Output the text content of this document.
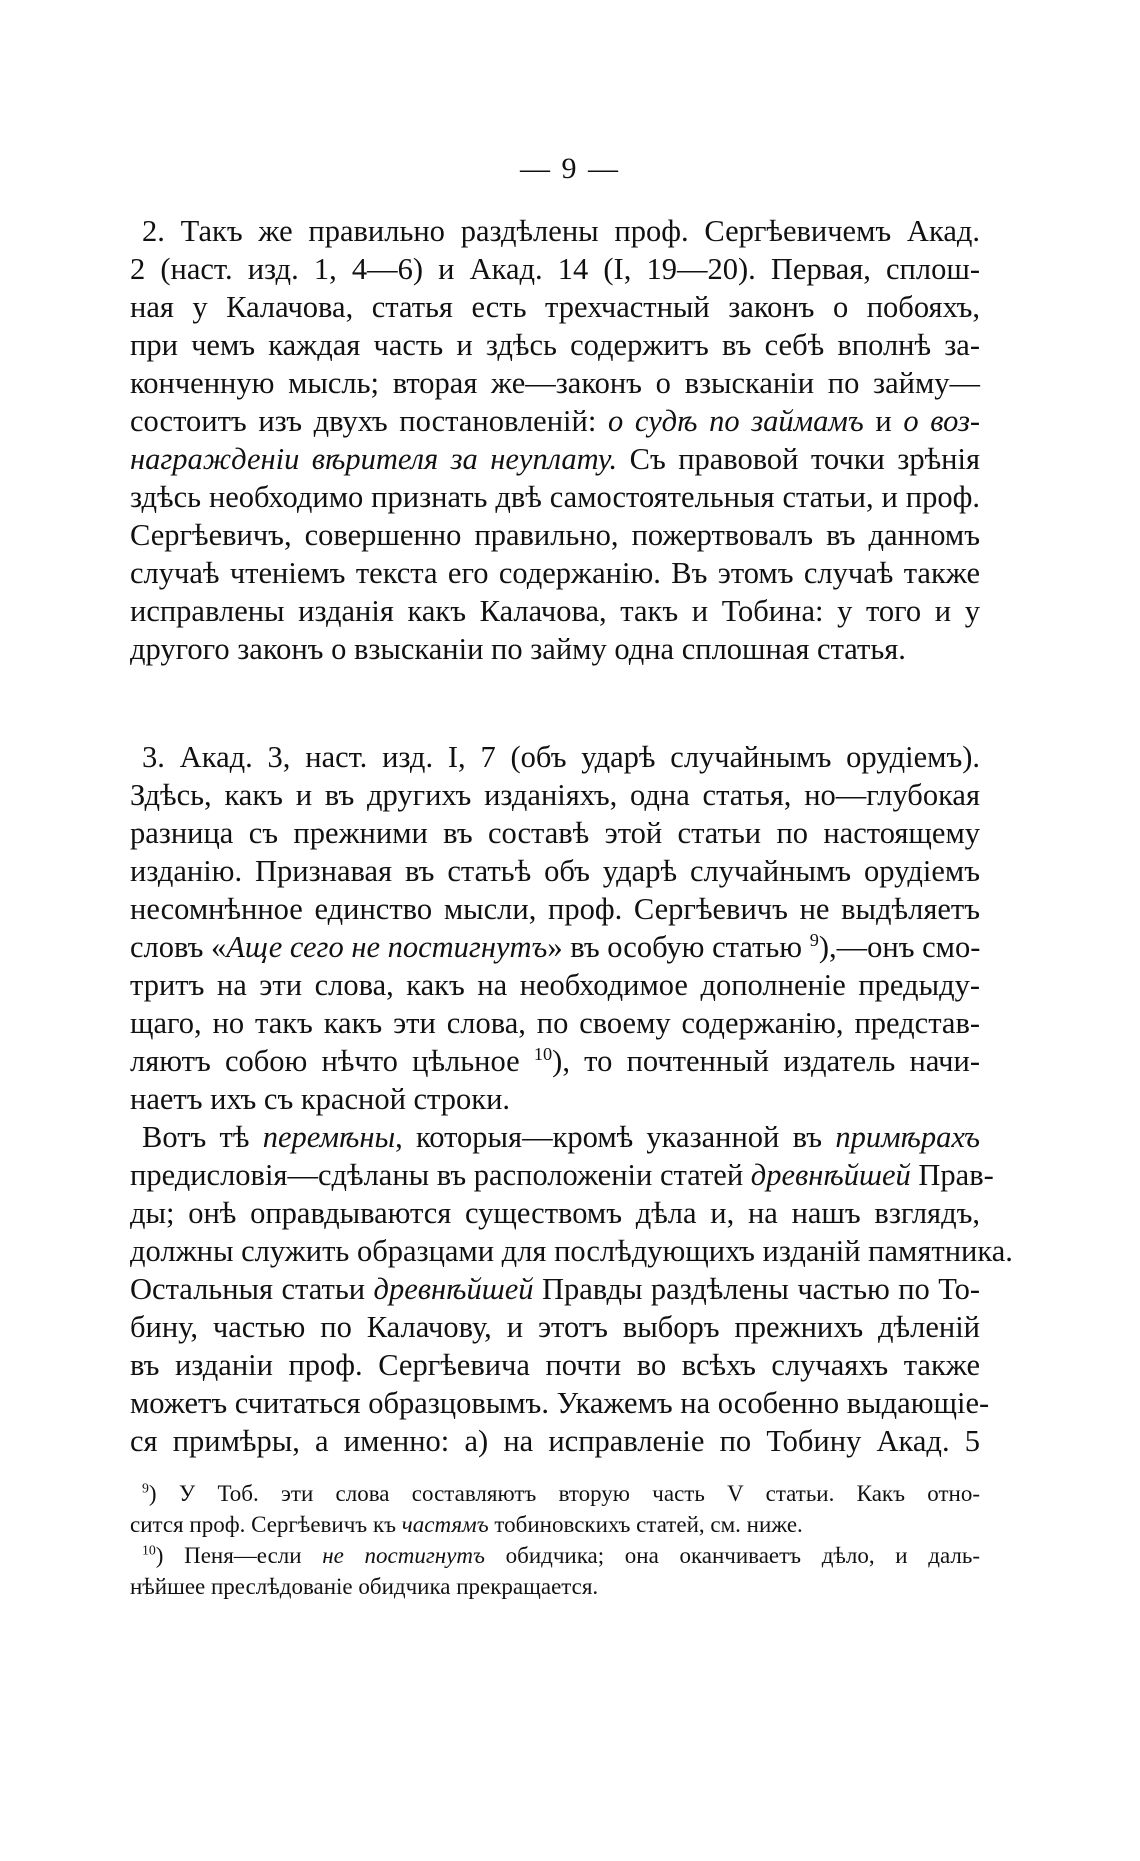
— 9 —
2. Такъ же правильно раздѣлены проф. Сергѣевичемъ Акад.
2 (наст. изд. 1, 4—6) и Акад. 14 (I, 19—20). Первая, сплош-
ная у Калачова, статья есть трехчастный законъ о побояхъ,
при чемъ каждая часть и здѣсь содержитъ въ себѣ вполнѣ за-
конченную мысль; вторая же—законъ о взысканіи по займу—
состоитъ изъ двухъ постановленій: о судѣ по займамъ и о воз-
награжденіи вѣрителя за неуплату. Съ правовой точки зрѣнія
здѣсь необходимо признать двѣ самостоятельныя статьи, и проф.
Сергѣевичъ, совершенно правильно, пожертвовалъ въ данномъ
случаѣ чтеніемъ текста его содержанію. Въ этомъ случаѣ также
исправлены изданія какъ Калачова, такъ и Тобина: у того и у
другого законъ о взысканіи по займу одна сплошная статья.
3. Акад. 3, наст. изд. I, 7 (объ ударѣ случайнымъ орудіемъ).
Здѣсь, какъ и въ другихъ изданіяхъ, одна статья, но—глубокая
разница съ прежними въ составѣ этой статьи по настоящему
изданію. Признавая въ статьѣ объ ударѣ случайнымъ орудіемъ
несомнѣнное единство мысли, проф. Сергѣевичъ не выдѣляетъ
словъ «Аще сего не постигнутъ» въ особую статью $^9$),—онъ смо-
тритъ на эти слова, какъ на необходимое дополненіе предыду-
щаго, но такъ какъ эти слова, по своему содержанію, представ-
ляютъ собою нѣчто цѣльное $^{10}$), то почтенный издатель начи-
наетъ ихъ съ красной строки.
Вотъ тѣ перемѣны, которыя—кромѣ указанной въ примѣрахъ
предисловія—сдѣланы въ расположеніи статей древнѣйшей Прав-
ды; онѣ оправдываются существомъ дѣла и, на нашъ взглядъ,
должны служить образцами для послѣдующихъ изданій памятника.
Остальныя статьи древнѣйшей Правды раздѣлены частью по То-
бину, частью по Калачову, и этотъ выборъ прежнихъ дѣленій
въ изданіи проф. Сергѣевича почти во всѣхъ случаяхъ также
можетъ считаться образцовымъ. Укажемъ на особенно выдающіе-
ся примѣры, а именно: а) на исправленіе по Тобину Акад. 5
$^9$) У Тоб. эти слова составляютъ вторую часть V статьи. Какъ отно-
сится проф. Сергѣевичъ къ частямъ тобиновскихъ статей, см. ниже.
$^{10}$) Пеня—если не постигнутъ обидчика; она оканчиваетъ дѣло, и даль-
нѣйшее преслѣдованіе обидчика прекращается.
